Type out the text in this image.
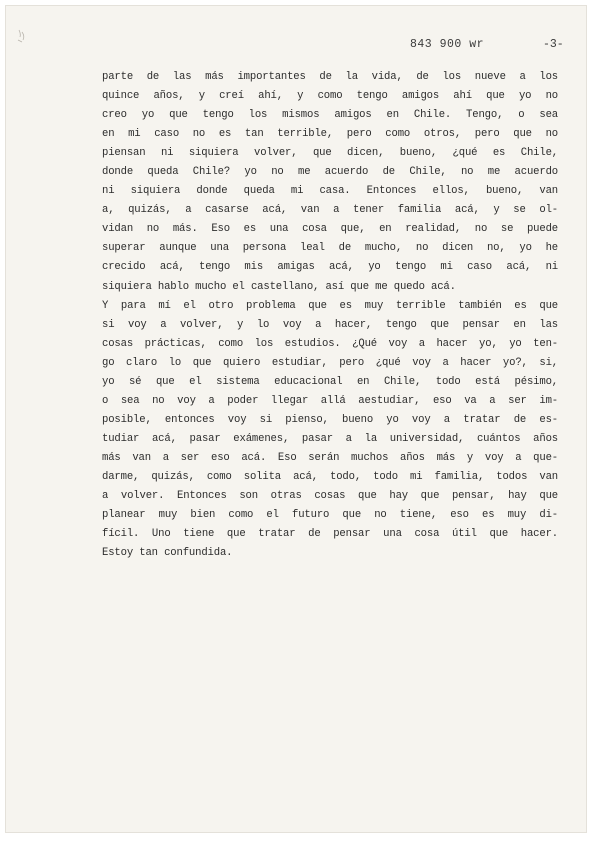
843 900 wr	-3-
parte de las más importantes de la vida, de los nueve a los
quince años, y creí ahí, y como tengo amigos ahí que yo no
creo yo que tengo los mismos amigos en Chile. Tengo, o sea
en mi caso no es tan terrible, pero como otros, pero que no
piensan ni siquiera volver, que dicen, bueno, ¿qué es Chile,
donde queda Chile? yo no me acuerdo de Chile, no me acuerdo
ni siquiera donde queda mi casa. Entonces ellos, bueno, van
a, quizás, a casarse acá, van a tener familia acá, y se ol-
vidan no más. Eso es una cosa que, en realidad, no se puede
superar aunque una persona leal de mucho, no dicen no, yo he
crecido acá, tengo mis amigas acá, yo tengo mi caso acá, ni
siquiera hablo mucho el castellano, así que me quedo acá.
Y para mí el otro problema que es muy terrible también es que
si voy a volver, y lo voy a hacer, tengo que pensar en las
cosas prácticas, como los estudios. ¿Qué voy a hacer yo, yo ten-
go claro lo que quiero estudiar, pero ¿qué voy a hacer yo?, si,
yo sé que el sistema educacional en Chile, todo está pésimo,
o sea no voy a poder llegar allá aestudiar, eso va a ser im-
posible, entonces voy si pienso, bueno yo voy a tratar de es-
tudiar acá, pasar exámenes, pasar a la universidad, cuántos años
más van a ser eso acá. Eso serán muchos años más y voy a que-
darme, quizás, como solita acá, todo, todo mi familia, todos van
a volver. Entonces son otras cosas que hay que pensar, hay que
planear muy bien como el futuro que no tiene, eso es muy di-
fícil. Uno tiene que tratar de pensar una cosa útil que hacer.
Estoy tan confundida.
